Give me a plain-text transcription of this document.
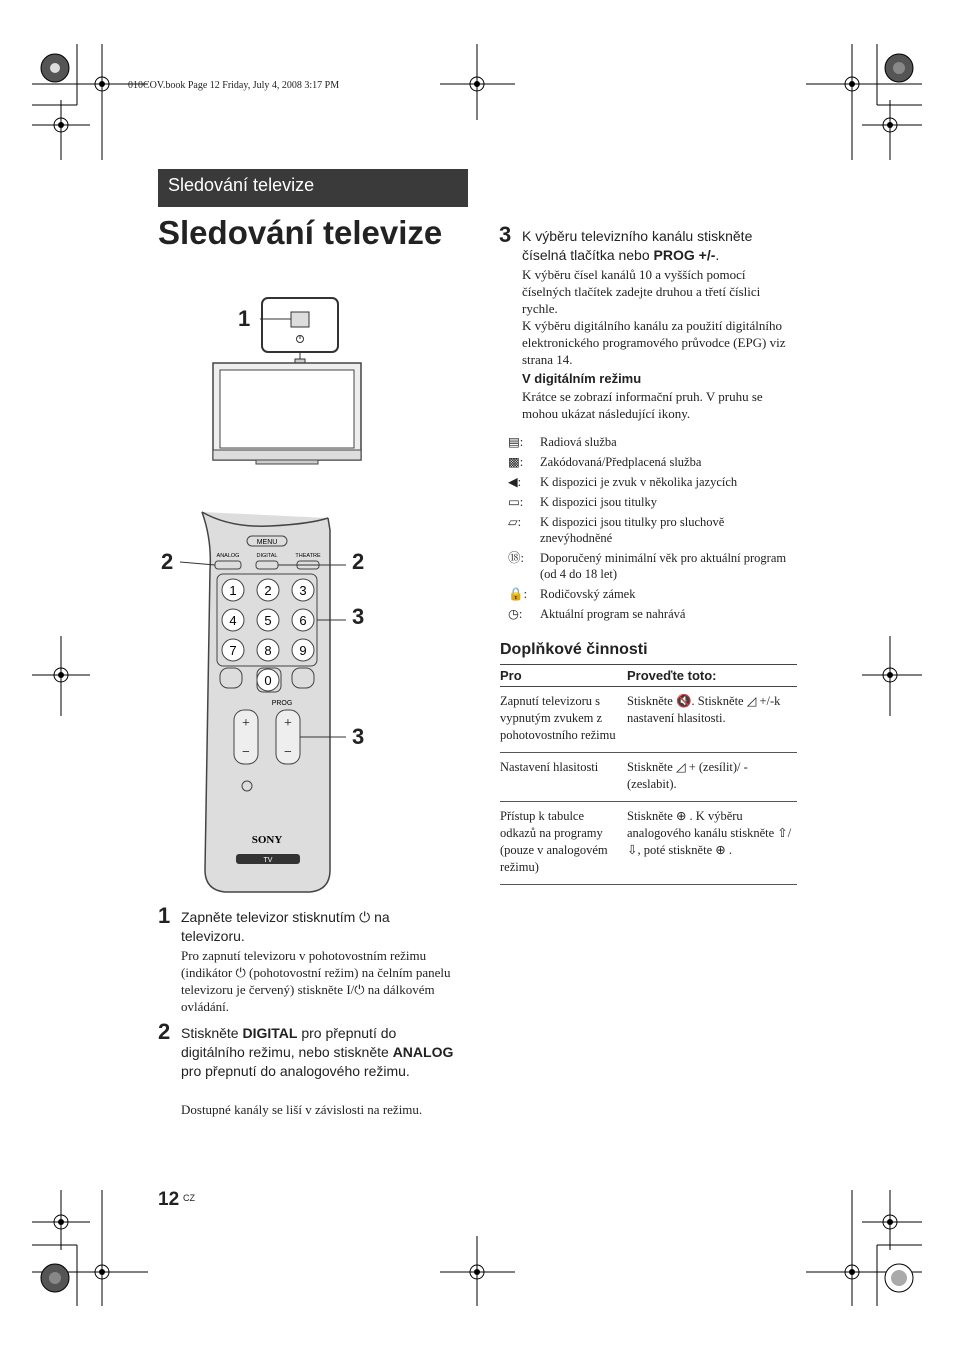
010COV.book Page 12 Friday, July 4, 2008 3:17 PM
Sledování televize
Sledování televize
MENU
ANALOG	DIGITAL	THEATRE
1 2 3
4 5 6
7 8 9
0
PROG
+
−
+
−
SONY
TV
1
2	2
3
3
1 Zapněte televizor stisknutím ⏻ na televizoru.
Pro zapnutí televizoru v pohotovostním režimu (indikátor ⏻ (pohotovostní režim) na čelním panelu televizoru je červený) stiskněte I/⏻ na dálkovém ovládání.
2 Stiskněte DIGITAL pro přepnutí do digitálního režimu, nebo stiskněte ANALOG pro přepnutí do analogového režimu.
Dostupné kanály se liší v závislosti na režimu.
3 K výběru televizního kanálu stiskněte číselná tlačítka nebo PROG +/-.
K výběru čísel kanálů 10 a vyšších pomocí číselných tlačítek zadejte druhou a třetí číslici rychle.
K výběru digitálního kanálu za použití digitálního elektronického programového průvodce (EPG) viz strana 14.
V digitálním režimu
Krátce se zobrazí informační pruh. V pruhu se mohou ukázat následující ikony.
▤:	Radiová služba
▩:	Zakódovaná/Předplacená služba
◀:	K dispozici je zvuk v několika jazycích
▭:	K dispozici jsou titulky
▱:	K dispozici jsou titulky pro sluchově znevýhodněné
⑱:	Doporučený minimální věk pro aktuální program (od 4 do 18 let)
🔒:	Rodičovský zámek
◷:	Aktuální program se nahrává
Doplňkové činnosti
Pro	Proveďte toto:
Zapnutí televizoru s vypnutým zvukem z pohotovostního režimu	Stiskněte 🔇. Stiskněte ◿ +/-k nastavení hlasitosti.
Nastavení hlasitosti	Stiskněte ◿ + (zesílit)/ - (zeslabit).
Přístup k tabulce odkazů na programy (pouze v analogovém režimu)	Stiskněte ⊕ . K výběru analogového kanálu stiskněte ⇧/⇩, poté stiskněte ⊕ .
12 CZ
